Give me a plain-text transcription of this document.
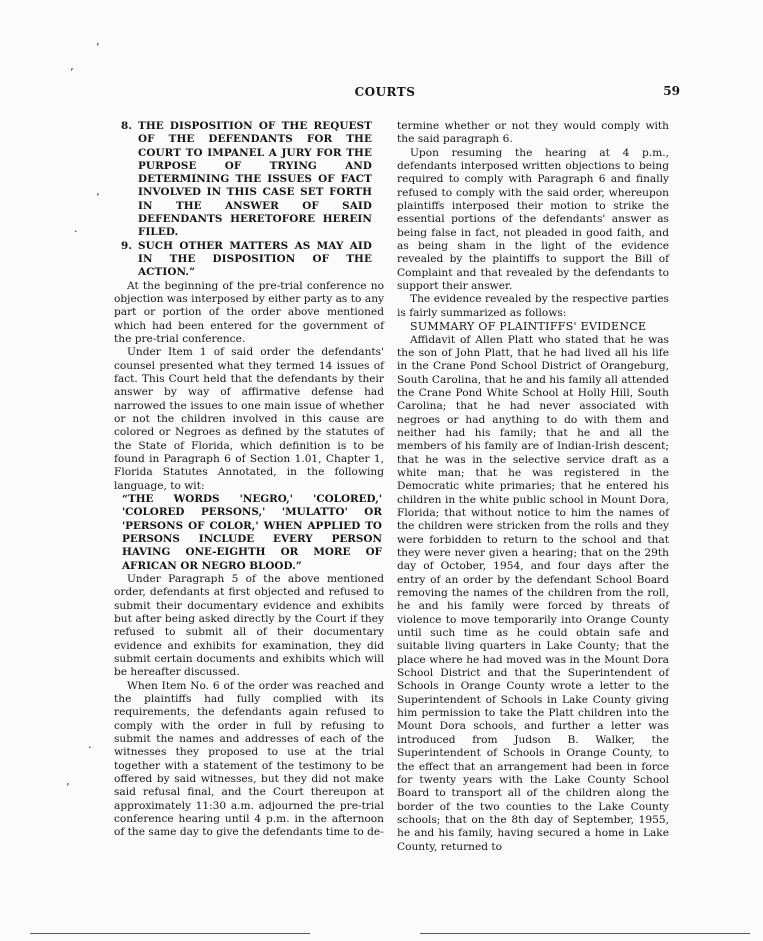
’
’
’
·
·
’
COURTS	59
8. THE DISPOSITION OF THE REQUEST OF THE DEFENDANTS FOR THE COURT TO IMPANEL A JURY FOR THE PURPOSE OF TRYING AND DETERMINING THE ISSUES OF FACT INVOLVED IN THIS CASE SET FORTH IN THE ANSWER OF SAID DEFENDANTS HERETOFORE HEREIN FILED.
9. SUCH OTHER MATTERS AS MAY AID IN THE DISPOSITION OF THE ACTION.”

At the beginning of the pre-trial conference no objection was interposed by either party as to any part or portion of the order above mentioned which had been entered for the government of the pre-trial conference.

Under Item 1 of said order the defendants' counsel presented what they termed 14 issues of fact. This Court held that the defendants by their answer by way of affirmative defense had narrowed the issues to one main issue of whether or not the children involved in this cause are colored or Negroes as defined by the statutes of the State of Florida, which definition is to be found in Paragraph 6 of Section 1.01, Chapter 1, Florida Statutes Annotated, in the following language, to wit:

“THE WORDS 'NEGRO,' 'COLORED,' 'COLORED PERSONS,' 'MULATTO' OR 'PERSONS OF COLOR,' WHEN APPLIED TO PERSONS INCLUDE EVERY PERSON HAVING ONE-EIGHTH OR MORE OF AFRICAN OR NEGRO BLOOD.”

Under Paragraph 5 of the above mentioned order, defendants at first objected and refused to submit their documentary evidence and exhibits but after being asked directly by the Court if they refused to submit all of their documentary evidence and exhibits for examination, they did submit certain documents and exhibits which will be hereafter discussed.

When Item No. 6 of the order was reached and the plaintiffs had fully complied with its requirements, the defendants again refused to comply with the order in full by refusing to submit the names and addresses of each of the witnesses they proposed to use at the trial together with a statement of the testimony to be offered by said witnesses, but they did not make said refusal final, and the Court thereupon at approximately 11:30 a.m. adjourned the pre-trial conference hearing until 4 p.m. in the afternoon of the same day to give the defendants time to de-

termine whether or not they would comply with the said paragraph 6.

Upon resuming the hearing at 4 p.m., defendants interposed written objections to being required to comply with Paragraph 6 and finally refused to comply with the said order, whereupon plaintiffs interposed their motion to strike the essential portions of the defendants' answer as being false in fact, not pleaded in good faith, and as being sham in the light of the evidence revealed by the plaintiffs to support the Bill of Complaint and that revealed by the defendants to support their answer.

The evidence revealed by the respective parties is fairly summarized as follows:

SUMMARY OF PLAINTIFFS' EVIDENCE

Affidavit of Allen Platt who stated that he was the son of John Platt, that he had lived all his life in the Crane Pond School District of Orangeburg, South Carolina, that he and his family all attended the Crane Pond White School at Holly Hill, South Carolina; that he had never associated with negroes or had anything to do with them and neither had his family; that he and all the members of his family are of Indian-Irish descent; that he was in the selective service draft as a white man; that he was registered in the Democratic white primaries; that he entered his children in the white public school in Mount Dora, Florida; that without notice to him the names of the children were stricken from the rolls and they were forbidden to return to the school and that they were never given a hearing; that on the 29th day of October, 1954, and four days after the entry of an order by the defendant School Board removing the names of the children from the roll, he and his family were forced by threats of violence to move temporarily into Orange County until such time as he could obtain safe and suitable living quarters in Lake County; that the place where he had moved was in the Mount Dora School District and that the Superintendent of Schools in Orange County wrote a letter to the Superintendent of Schools in Lake County giving him permission to take the Platt children into the Mount Dora schools, and further a letter was introduced from Judson B. Walker, the Superintendent of Schools in Orange County, to the effect that an arrangement had been in force for twenty years with the Lake County School Board to transport all of the children along the border of the two counties to the Lake County schools; that on the 8th day of September, 1955, he and his family, having secured a home in Lake County, returned to
